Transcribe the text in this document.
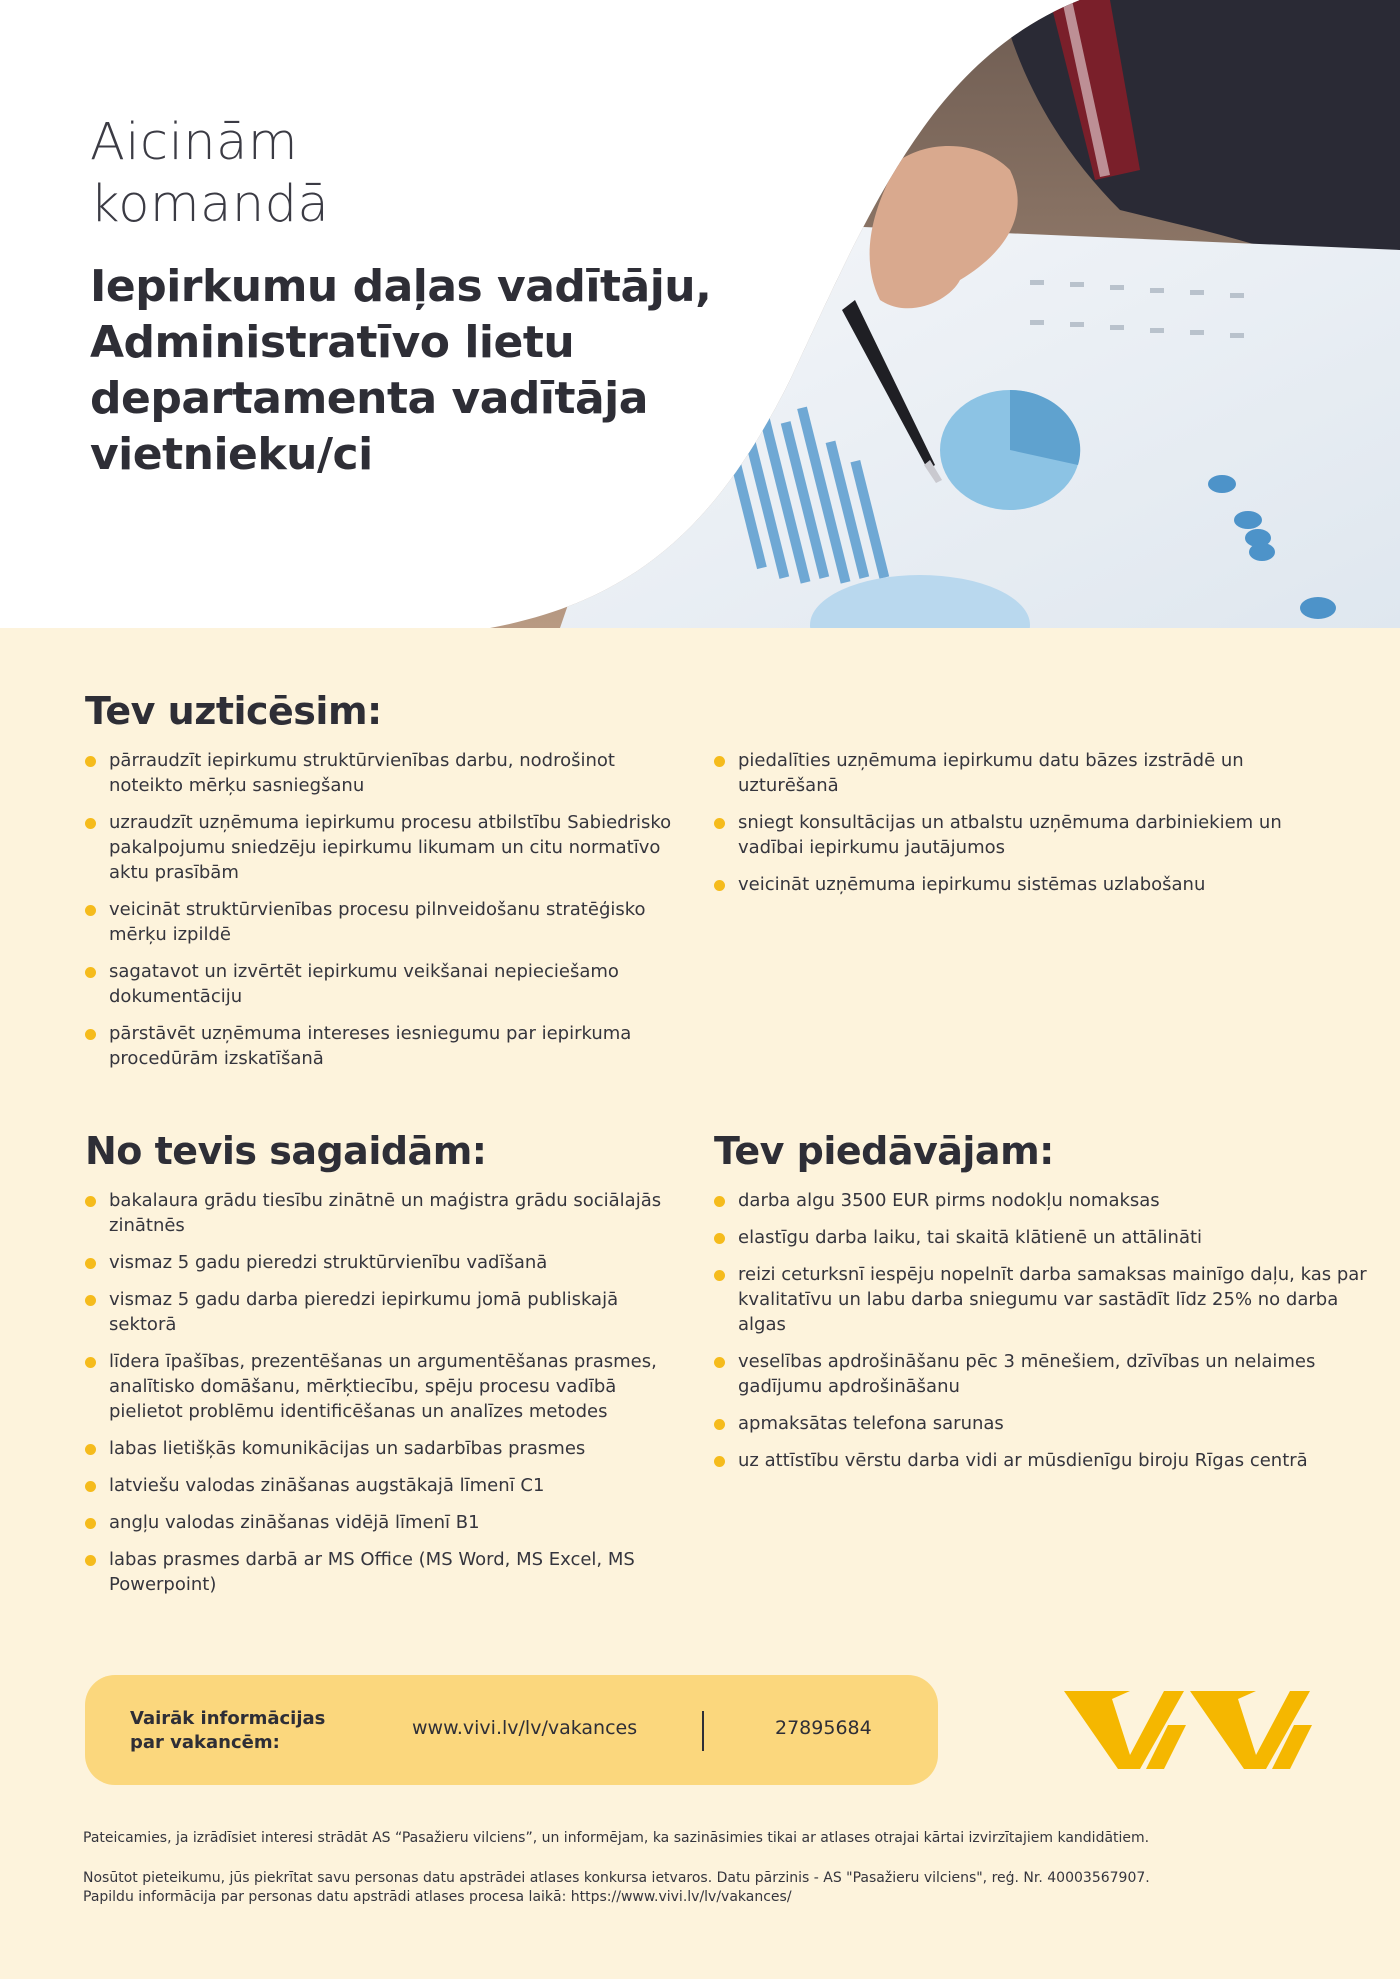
Aicinām
komandā
Iepirkumu daļas vadītāju,
Administratīvo lietu
departamenta vadītāja
vietnieku/ci
Tev uzticēsim:
pārraudzīt iepirkumu struktūrvienības darbu, nodrošinot noteikto mērķu sasniegšanu
uzraudzīt uzņēmuma iepirkumu procesu atbilstību Sabiedrisko pakalpojumu sniedzēju iepirkumu likumam un citu normatīvo aktu prasībām
veicināt struktūrvienības procesu pilnveidošanu stratēģisko mērķu izpildē
sagatavot un izvērtēt iepirkumu veikšanai nepieciešamo dokumentāciju
pārstāvēt uzņēmuma intereses iesniegumu par iepirkuma procedūrām izskatīšanā
piedalīties uzņēmuma iepirkumu datu bāzes izstrādē un uzturēšanā
sniegt konsultācijas un atbalstu uzņēmuma darbiniekiem un vadībai iepirkumu jautājumos
veicināt uzņēmuma iepirkumu sistēmas uzlabošanu
No tevis sagaidām:
bakalaura grādu tiesību zinātnē un maģistra grādu sociālajās zinātnēs
vismaz 5 gadu pieredzi struktūrvienību vadīšanā
vismaz 5 gadu darba pieredzi iepirkumu jomā publiskajā sektorā
līdera īpašības, prezentēšanas un argumentēšanas prasmes, analītisko domāšanu, mērķtiecību, spēju procesu vadībā pielietot problēmu identificēšanas un analīzes metodes
labas lietišķās komunikācijas un sadarbības prasmes
latviešu valodas zināšanas augstākajā līmenī C1
angļu valodas zināšanas vidējā līmenī B1
labas prasmes darbā ar MS Office (MS Word, MS Excel, MS Powerpoint)
Tev piedāvājam:
darba algu 3500 EUR pirms nodokļu nomaksas
elastīgu darba laiku, tai skaitā klātienē un attālināti
reizi ceturksnī iespēju nopelnīt darba samaksas mainīgo daļu, kas par kvalitatīvu un labu darba sniegumu var sastādīt līdz 25% no darba algas
veselības apdrošināšanu pēc 3 mēnešiem, dzīvības un nelaimes gadījumu apdrošināšanu
apmaksātas telefona sarunas
uz attīstību vērstu darba vidi ar mūsdienīgu biroju Rīgas centrā
Vairāk informācijas
par vakancēm:
www.vivi.lv/lv/vakances	27895684
Pateicamies, ja izrādīsiet interesi strādāt AS “Pasažieru vilciens”, un informējam, ka sazināsimies tikai ar atlases otrajai kārtai izvirzītajiem kandidātiem.
Nosūtot pieteikumu, jūs piekrītat savu personas datu apstrādei atlases konkursa ietvaros. Datu pārzinis - AS "Pasažieru vilciens", reģ. Nr. 40003567907.
Papildu informācija par personas datu apstrādi atlases procesa laikā: https://www.vivi.lv/lv/vakances/
